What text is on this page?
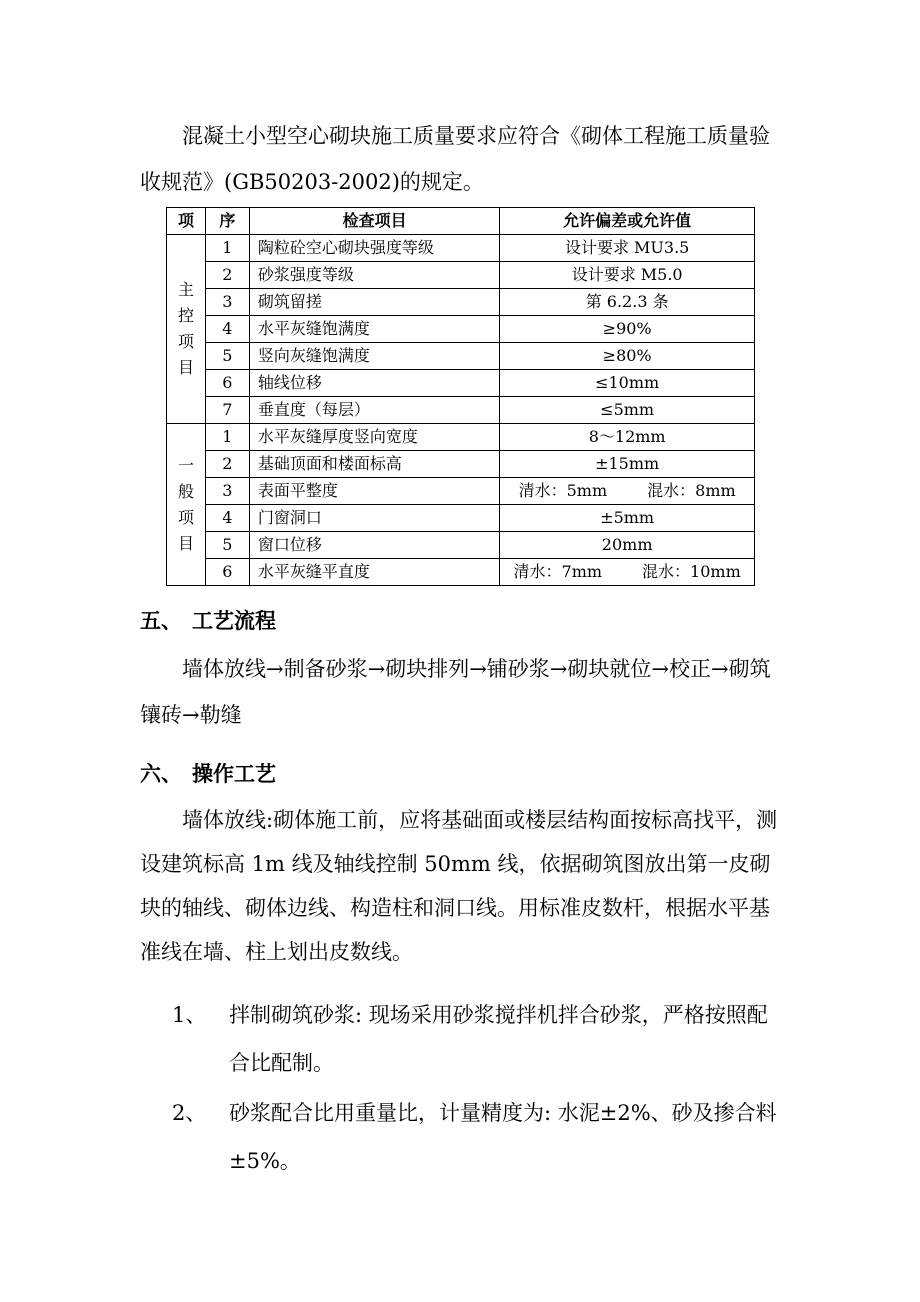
混凝土小型空心砌块施工质量要求应符合《砌体工程施工质量验收规范》(GB50203-2002)的规定。
项	序	检查项目	允许偏差或允许值

主
控
项
目	1	陶粒砼空心砌块强度等级	设计要求 MU3.5
	2	砂浆强度等级	设计要求 M5.0
	3	砌筑留搓	第 6.2.3 条
	4	水平灰缝饱满度	≥90%
	5	竖向灰缝饱满度	≥80%
	6	轴线位移	≤10mm
	7	垂直度（每层）	≤5mm

一
般
项
目	1	水平灰缝厚度竖向宽度	8～12mm
	2	基础顶面和楼面标高	±15mm
	3	表面平整度	清水：5mm 混水：8mm

	4	门窗洞口	±5mm
	5	窗口位移	20mm
	6	水平灰缝平直度	清水：7mm 混水：10mm
五、 工艺流程
墙体放线→制备砂浆→砌块排列→铺砂浆→砌块就位→校正→砌筑镶砖→勒缝
六、 操作工艺
墙体放线:砌体施工前，应将基础面或楼层结构面按标高找平，测设建筑标高 1m 线及轴线控制 50mm 线，依据砌筑图放出第一皮砌块的轴线、砌体边线、构造柱和洞口线。用标准皮数杆，根据水平基准线在墙、柱上划出皮数线。
1、	拌制砌筑砂浆: 现场采用砂浆搅拌机拌合砂浆，严格按照配合比配制。
2、	砂浆配合比用重量比，计量精度为: 水泥±2%、砂及掺合料±5%。
